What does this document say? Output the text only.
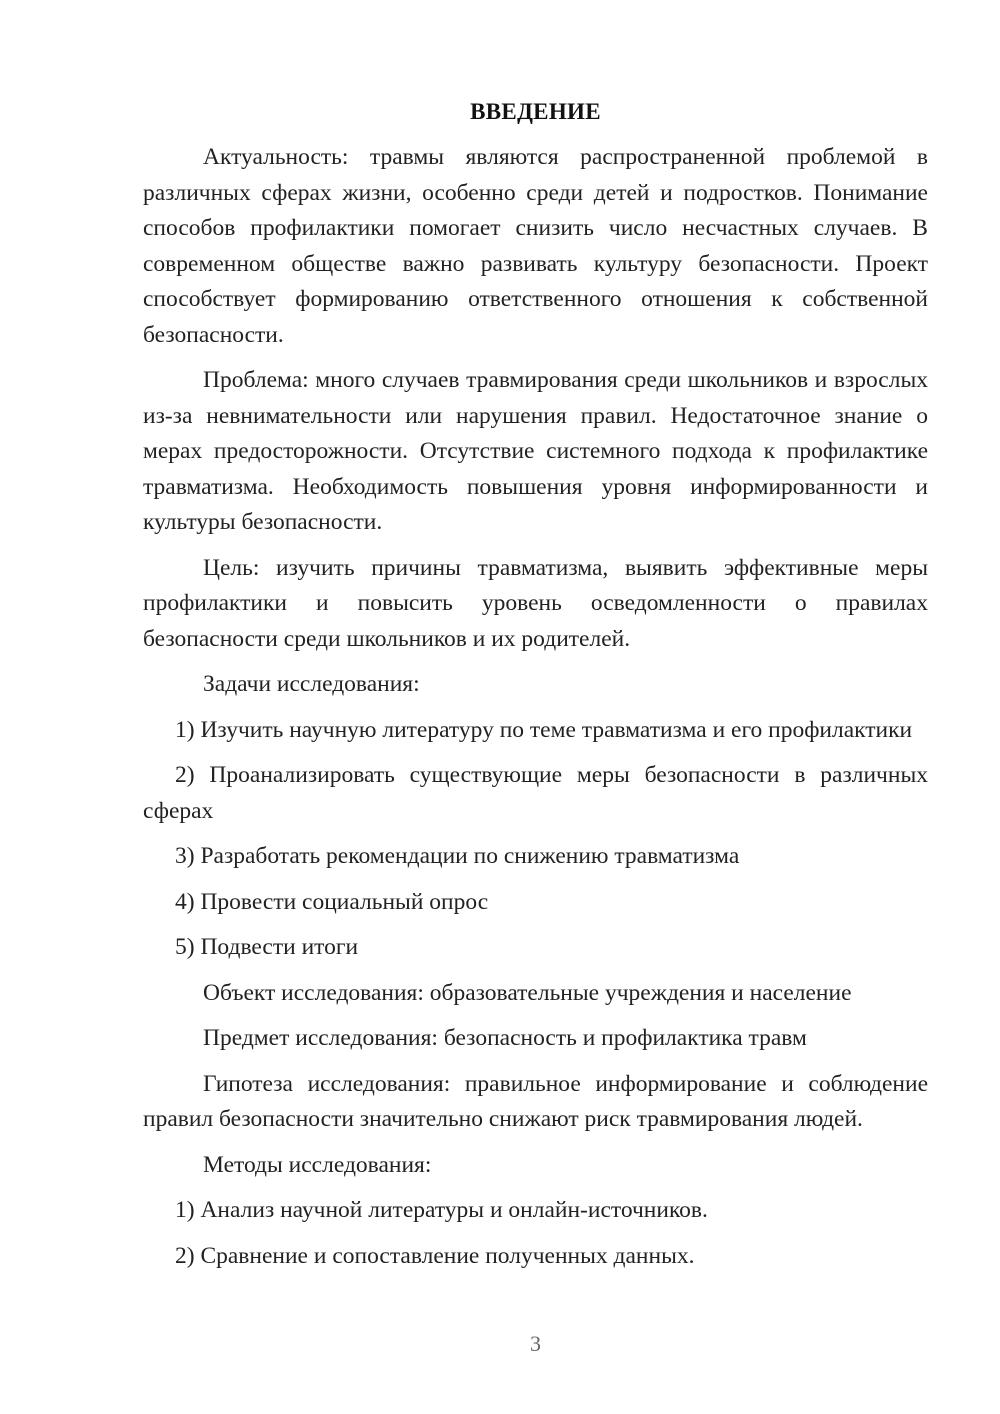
ВВЕДЕНИЕ

Актуальность: травмы являются распространенной проблемой в различных сферах жизни, особенно среди детей и подростков. Понимание способов профилактики помогает снизить число несчастных случаев. В современном обществе важно развивать культуру безопасности. Проект способствует формированию ответственного отношения к собственной безопасности.

Проблема: много случаев травмирования среди школьников и взрослых из-за невнимательности или нарушения правил. Недостаточное знание о мерах предосторожности. Отсутствие системного подхода к профилактике травматизма. Необходимость повышения уровня информированности и культуры безопасности.

Цель: изучить причины травматизма, выявить эффективные меры профилактики и повысить уровень осведомленности о правилах безопасности среди школьников и их родителей.

Задачи исследования:

1) Изучить научную литературу по теме травматизма и его профилактики

2) Проанализировать существующие меры безопасности в различных сферах

3) Разработать рекомендации по снижению травматизма

4) Провести социальный опрос

5) Подвести итоги

Объект исследования: образовательные учреждения и население

Предмет исследования: безопасность и профилактика травм

Гипотеза исследования: правильное информирование и соблюдение правил безопасности значительно снижают риск травмирования людей.

Методы исследования:

1) Анализ научной литературы и онлайн-источников.

2) Сравнение и сопоставление полученных данных.

3
